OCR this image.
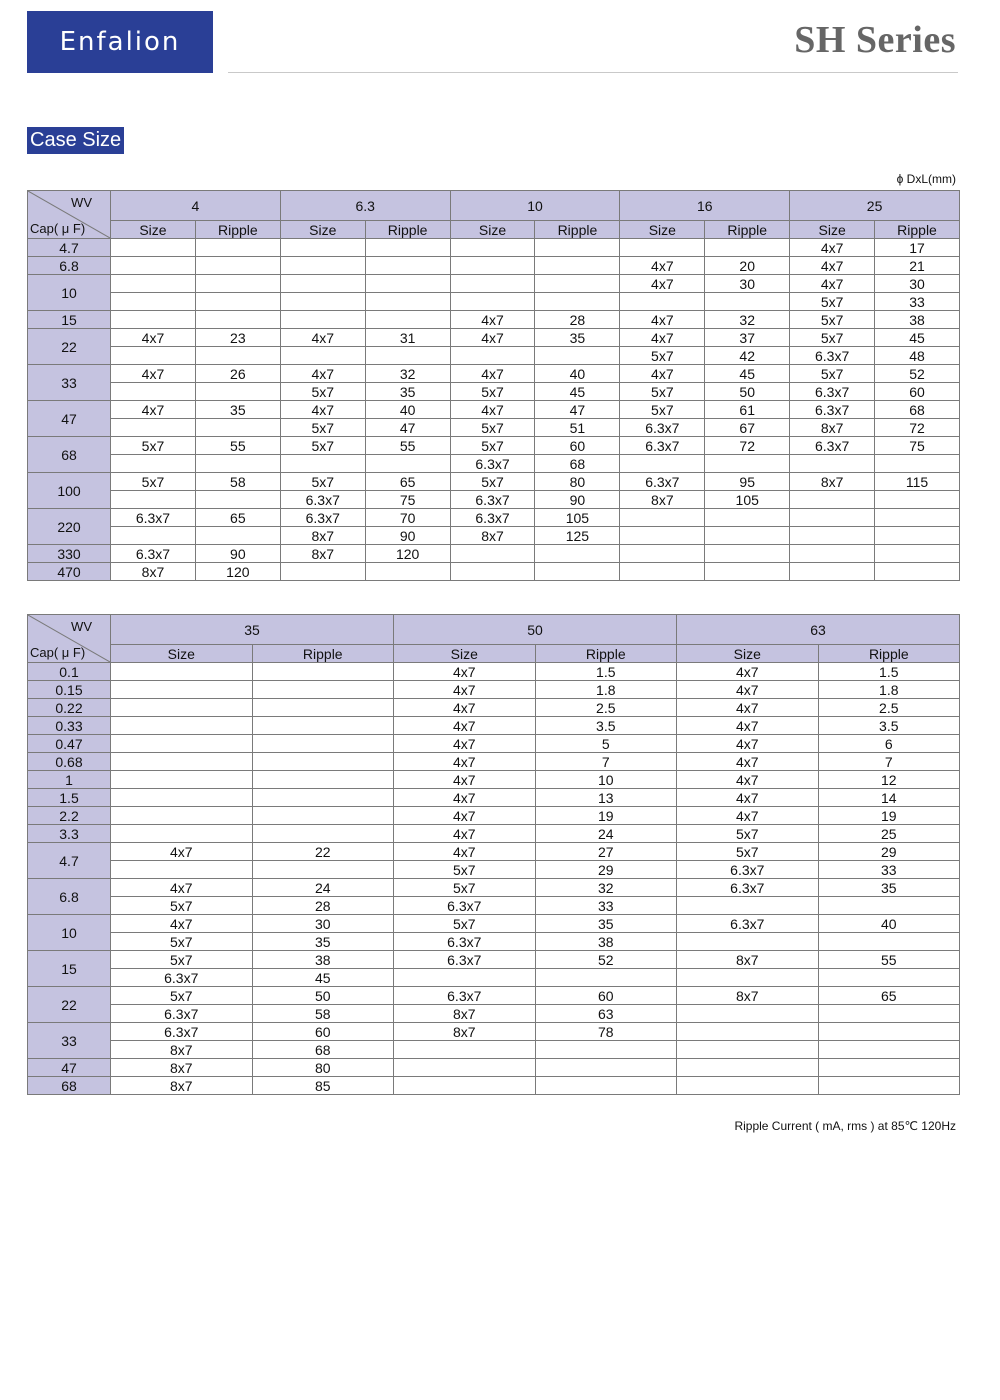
Enfalion	SH Series
Case Size
ϕ DxL(mm)
WV
Cap( μ F)	4		6.3		10		16		25	
	Size	Ripple	Size	Ripple	Size	Ripple	Size	Ripple	Size	Ripple
4.7									4x7	17
6.8							4x7	20	4x7	21
10							4x7	30	4x7	30
									5x7	33
15					4x7	28	4x7	32	5x7	38
22	4x7	23	4x7	31	4x7	35	4x7	37	5x7	45
							5x7	42	6.3x7	48
33	4x7	26	4x7	32	4x7	40	4x7	45	5x7	52
			5x7	35	5x7	45	5x7	50	6.3x7	60
47	4x7	35	4x7	40	4x7	47	5x7	61	6.3x7	68
			5x7	47	5x7	51	6.3x7	67	8x7	72
68	5x7	55	5x7	55	5x7	60	6.3x7	72	6.3x7	75
					6.3x7	68				
100	5x7	58	5x7	65	5x7	80	6.3x7	95	8x7	115
			6.3x7	75	6.3x7	90	8x7	105		
220	6.3x7	65	6.3x7	70	6.3x7	105				
			8x7	90	8x7	125				
330	6.3x7	90	8x7	120						
470	8x7	120								
WV
Cap( μ F)	35		50		63	
	Size	Ripple	Size	Ripple	Size	Ripple
0.1			4x7	1.5	4x7	1.5
0.15			4x7	1.8	4x7	1.8
0.22			4x7	2.5	4x7	2.5
0.33			4x7	3.5	4x7	3.5
0.47			4x7	5	4x7	6
0.68			4x7	7	4x7	7
1			4x7	10	4x7	12
1.5			4x7	13	4x7	14
2.2			4x7	19	4x7	19
3.3			4x7	24	5x7	25
4.7	4x7	22	4x7	27	5x7	29
			5x7	29	6.3x7	33
6.8	4x7	24	5x7	32	6.3x7	35
	5x7	28	6.3x7	33		
10	4x7	30	5x7	35	6.3x7	40
	5x7	35	6.3x7	38		
15	5x7	38	6.3x7	52	8x7	55
	6.3x7	45				
22	5x7	50	6.3x7	60	8x7	65
	6.3x7	58	8x7	63		
33	6.3x7	60	8x7	78		
	8x7	68				
47	8x7	80				
68	8x7	85				
Ripple Current ( mA, rms ) at 85℃ 120Hz
